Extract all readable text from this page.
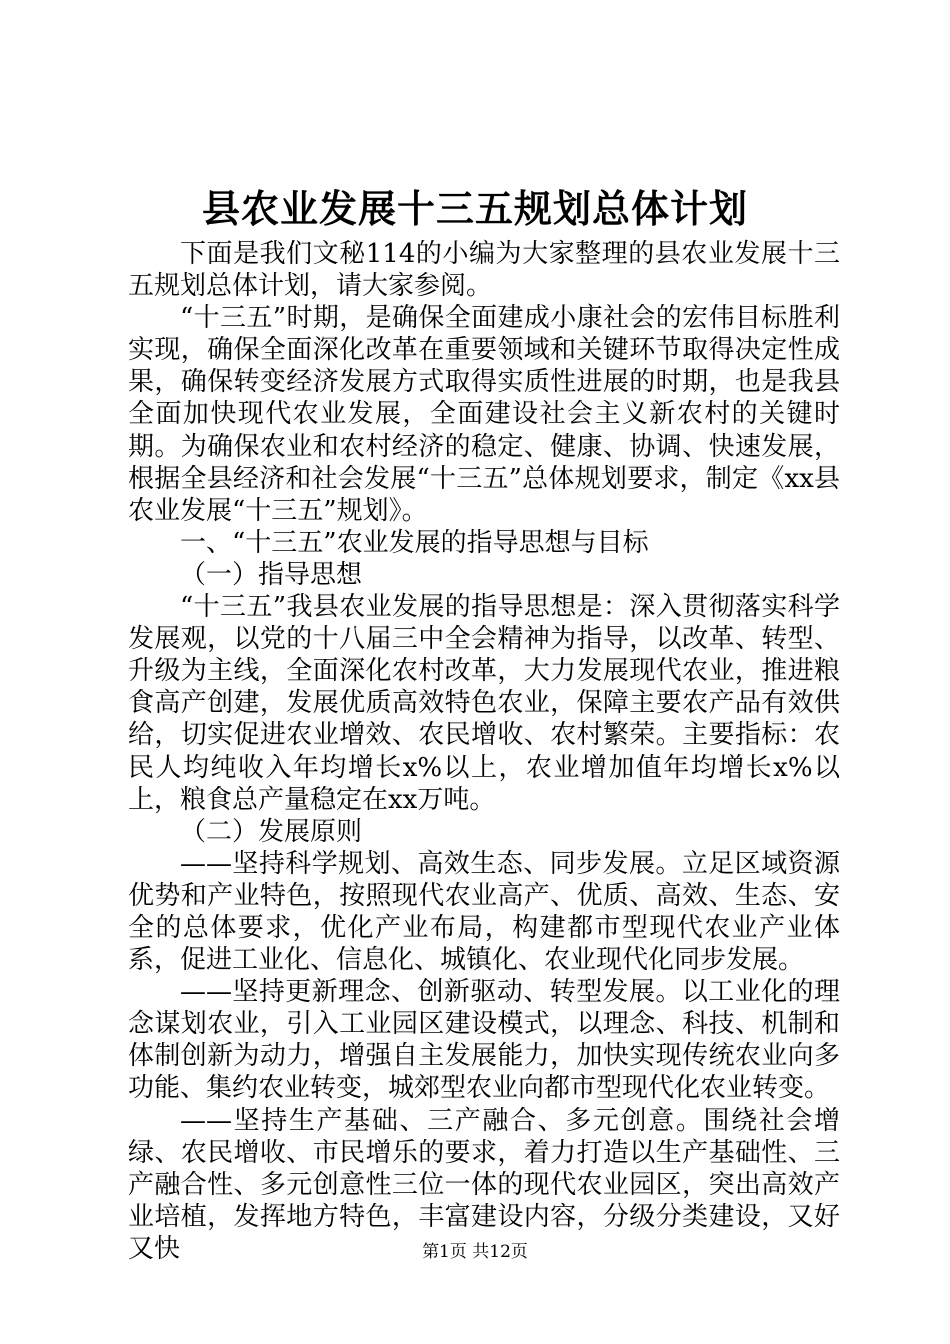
县农业发展十三五规划总体计划

下面是我们文秘114的小编为大家整理的县农业发展十三五规划总体计划，请大家参阅。

“十三五”时期，是确保全面建成小康社会的宏伟目标胜利实现，确保全面深化改革在重要领域和关键环节取得决定性成果，确保转变经济发展方式取得实质性进展的时期，也是我县全面加快现代农业发展，全面建设社会主义新农村的关键时期。为确保农业和农村经济的稳定、健康、协调、快速发展，根据全县经济和社会发展“十三五”总体规划要求，制定《xx县农业发展“十三五”规划》。

一、“十三五”农业发展的指导思想与目标

（一）指导思想

“十三五”我县农业发展的指导思想是：深入贯彻落实科学发展观，以党的十八届三中全会精神为指导，以改革、转型、升级为主线，全面深化农村改革，大力发展现代农业，推进粮食高产创建，发展优质高效特色农业，保障主要农产品有效供给，切实促进农业增效、农民增收、农村繁荣。主要指标：农民人均纯收入年均增长x%以上，农业增加值年均增长x%以上，粮食总产量稳定在xx万吨。

（二）发展原则

——坚持科学规划、高效生态、同步发展。立足区域资源优势和产业特色，按照现代农业高产、优质、高效、生态、安全的总体要求，优化产业布局，构建都市型现代农业产业体系，促进工业化、信息化、城镇化、农业现代化同步发展。

——坚持更新理念、创新驱动、转型发展。以工业化的理念谋划农业，引入工业园区建设模式，以理念、科技、机制和体制创新为动力，增强自主发展能力，加快实现传统农业向多功能、集约农业转变，城郊型农业向都市型现代化农业转变。

——坚持生产基础、三产融合、多元创意。围绕社会增绿、农民增收、市民增乐的要求，着力打造以生产基础性、三产融合性、多元创意性三位一体的现代农业园区，突出高效产业培植，发挥地方特色，丰富建设内容，分级分类建设，又好又快	第1页 共12页
